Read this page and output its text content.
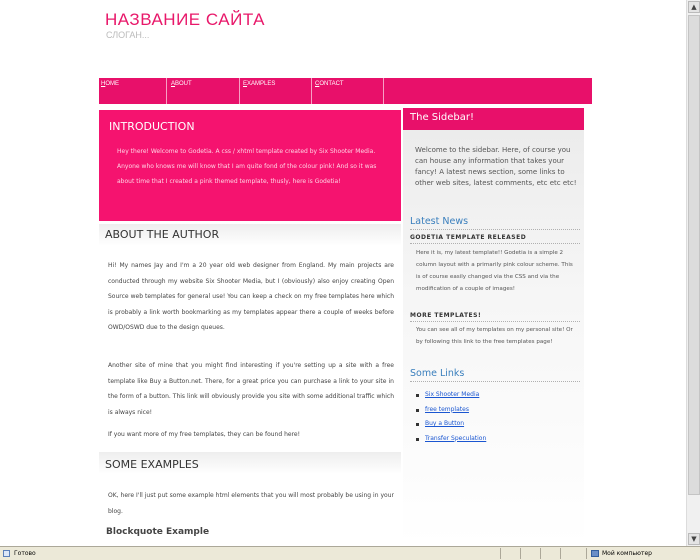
НАЗВАНИЕ САЙТА
СЛОГАН...
HOME	ABOUT	EXAMPLES	CONTACT
INTRODUCTION

Hey there! Welcome to Godetia. A css / xhtml template created by Six Shooter Media. Anyone who knows me will know that I am quite fond of the colour pink! And so it was about time that I created a pink themed template, thusly, here is Godetia!

ABOUT THE AUTHOR

Hi! My names Jay and I'm a 20 year old web designer from England. My main projects are conducted through my website Six Shooter Media, but I (obviously) also enjoy creating Open Source web templates for general use! You can keep a check on my free templates here which is probably a link worth bookmarking as my templates appear there a couple of weeks before OWD/OSWD due to the design queues.

Another site of mine that you might find interesting if you're setting up a site with a free template like Buy a Button.net. There, for a great price you can purchase a link to your site in the form of a button. This link will obviously provide you site with some additional traffic which is always nice!

If you want more of my free templates, they can be found here!

SOME EXAMPLES

OK, here I'll just put some example html elements that you will most probably be using in your blog.

Blockquote Example
The Sidebar!

Welcome to the sidebar. Here, of course you can house any information that takes your fancy! A latest news section, some links to other web sites, latest comments, etc etc etc!

Latest News
GODETIA TEMPLATE RELEASED

Here it is, my latest template!! Godetia is a simple 2 column layout with a primarily pink colour scheme. This is of course easily changed via the CSS and via the modification of a couple of images!

MORE TEMPLATES!

You can see all of my templates on my personal site! Or by following this link to the free templates page!

Some Links
Six Shooter Media
free templates
Buy a Button
Transfer Speculation
▲
▼
Готово	Мой компьютер
